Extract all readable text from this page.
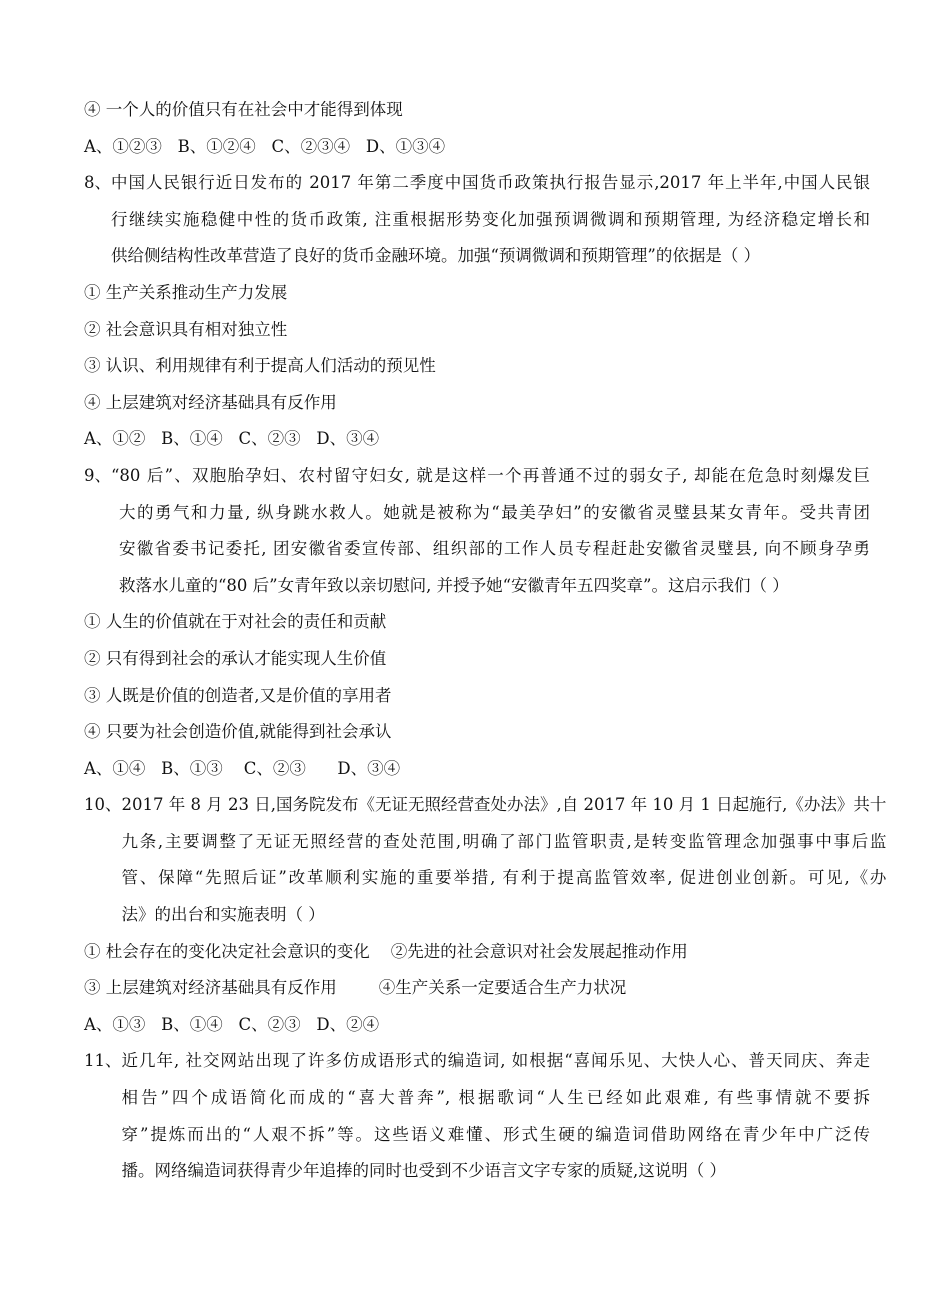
④ 一个人的价值只有在社会中才能得到体现

A、①②③   B、①②④   C、②③④   D、①③④

8、 中国人民银行近日发布的 2017 年第二季度中国货币政策执行报告显示,2017 年上半年,中国人民银
行继续实施稳健中性的货币政策, 注重根据形势变化加强预调微调和预期管理, 为经济稳定增长和
供给侧结构性改革营造了良好的货币金融环境。加强“预调微调和预期管理”的依据是（ ）

① 生产关系推动生产力发展

② 社会意识具有相对独立性

③ 认识、利用规律有利于提高人们活动的预见性

④ 上层建筑对经济基础具有反作用

A、①②   B、①④   C、②③   D、③④

9、 “80 后”、双胞胎孕妇、农村留守妇女, 就是这样一个再普通不过的弱女子, 却能在危急时刻爆发巨
大的勇气和力量, 纵身跳水救人。她就是被称为“最美孕妇”的安徽省灵璧县某女青年。受共青团
安徽省委书记委托, 团安徽省委宣传部、组织部的工作人员专程赶赴安徽省灵璧县, 向不顾身孕勇
救落水儿童的“80 后”女青年致以亲切慰问, 并授予她“安徽青年五四奖章”。这启示我们（ ）

① 人生的价值就在于对社会的责任和贡献

② 只有得到社会的承认才能实现人生价值

③ 人既是价值的创造者,又是价值的享用者

④ 只要为社会创造价值,就能得到社会承认

A、①④   B、①③    C、②③      D、③④

10、 2017 年 8 月 23 日,国务院发布《无证无照经营查处办法》,自 2017 年 10 月 1 日起施行,《办法》共十
九条,主要调整了无证无照经营的查处范围,明确了部门监管职责,是转变监管理念加强事中事后监
管、保障“先照后证”改革顺利实施的重要举措, 有利于提高监管效率, 促进创业创新。可见,《办
法》的出台和实施表明（ ）

① 杜会存在的变化决定社会意识的变化    ②先进的社会意识对社会发展起推动作用

③ 上层建筑对经济基础具有反作用        ④生产关系一定要适合生产力状况

A、①③   B、①④   C、②③   D、②④

11、 近几年, 社交网站出现了许多仿成语形式的编造词, 如根据“喜闻乐见、大快人心、普天同庆、奔走
相告”四个成语简化而成的“喜大普奔”, 根据歌词“人生已经如此艰难, 有些事情就不要拆
穿”提炼而出的“人艰不拆”等。这些语义难懂、形式生硬的编造词借助网络在青少年中广泛传
播。网络编造词获得青少年追捧的同时也受到不少语言文字专家的质疑,这说明（ ）
